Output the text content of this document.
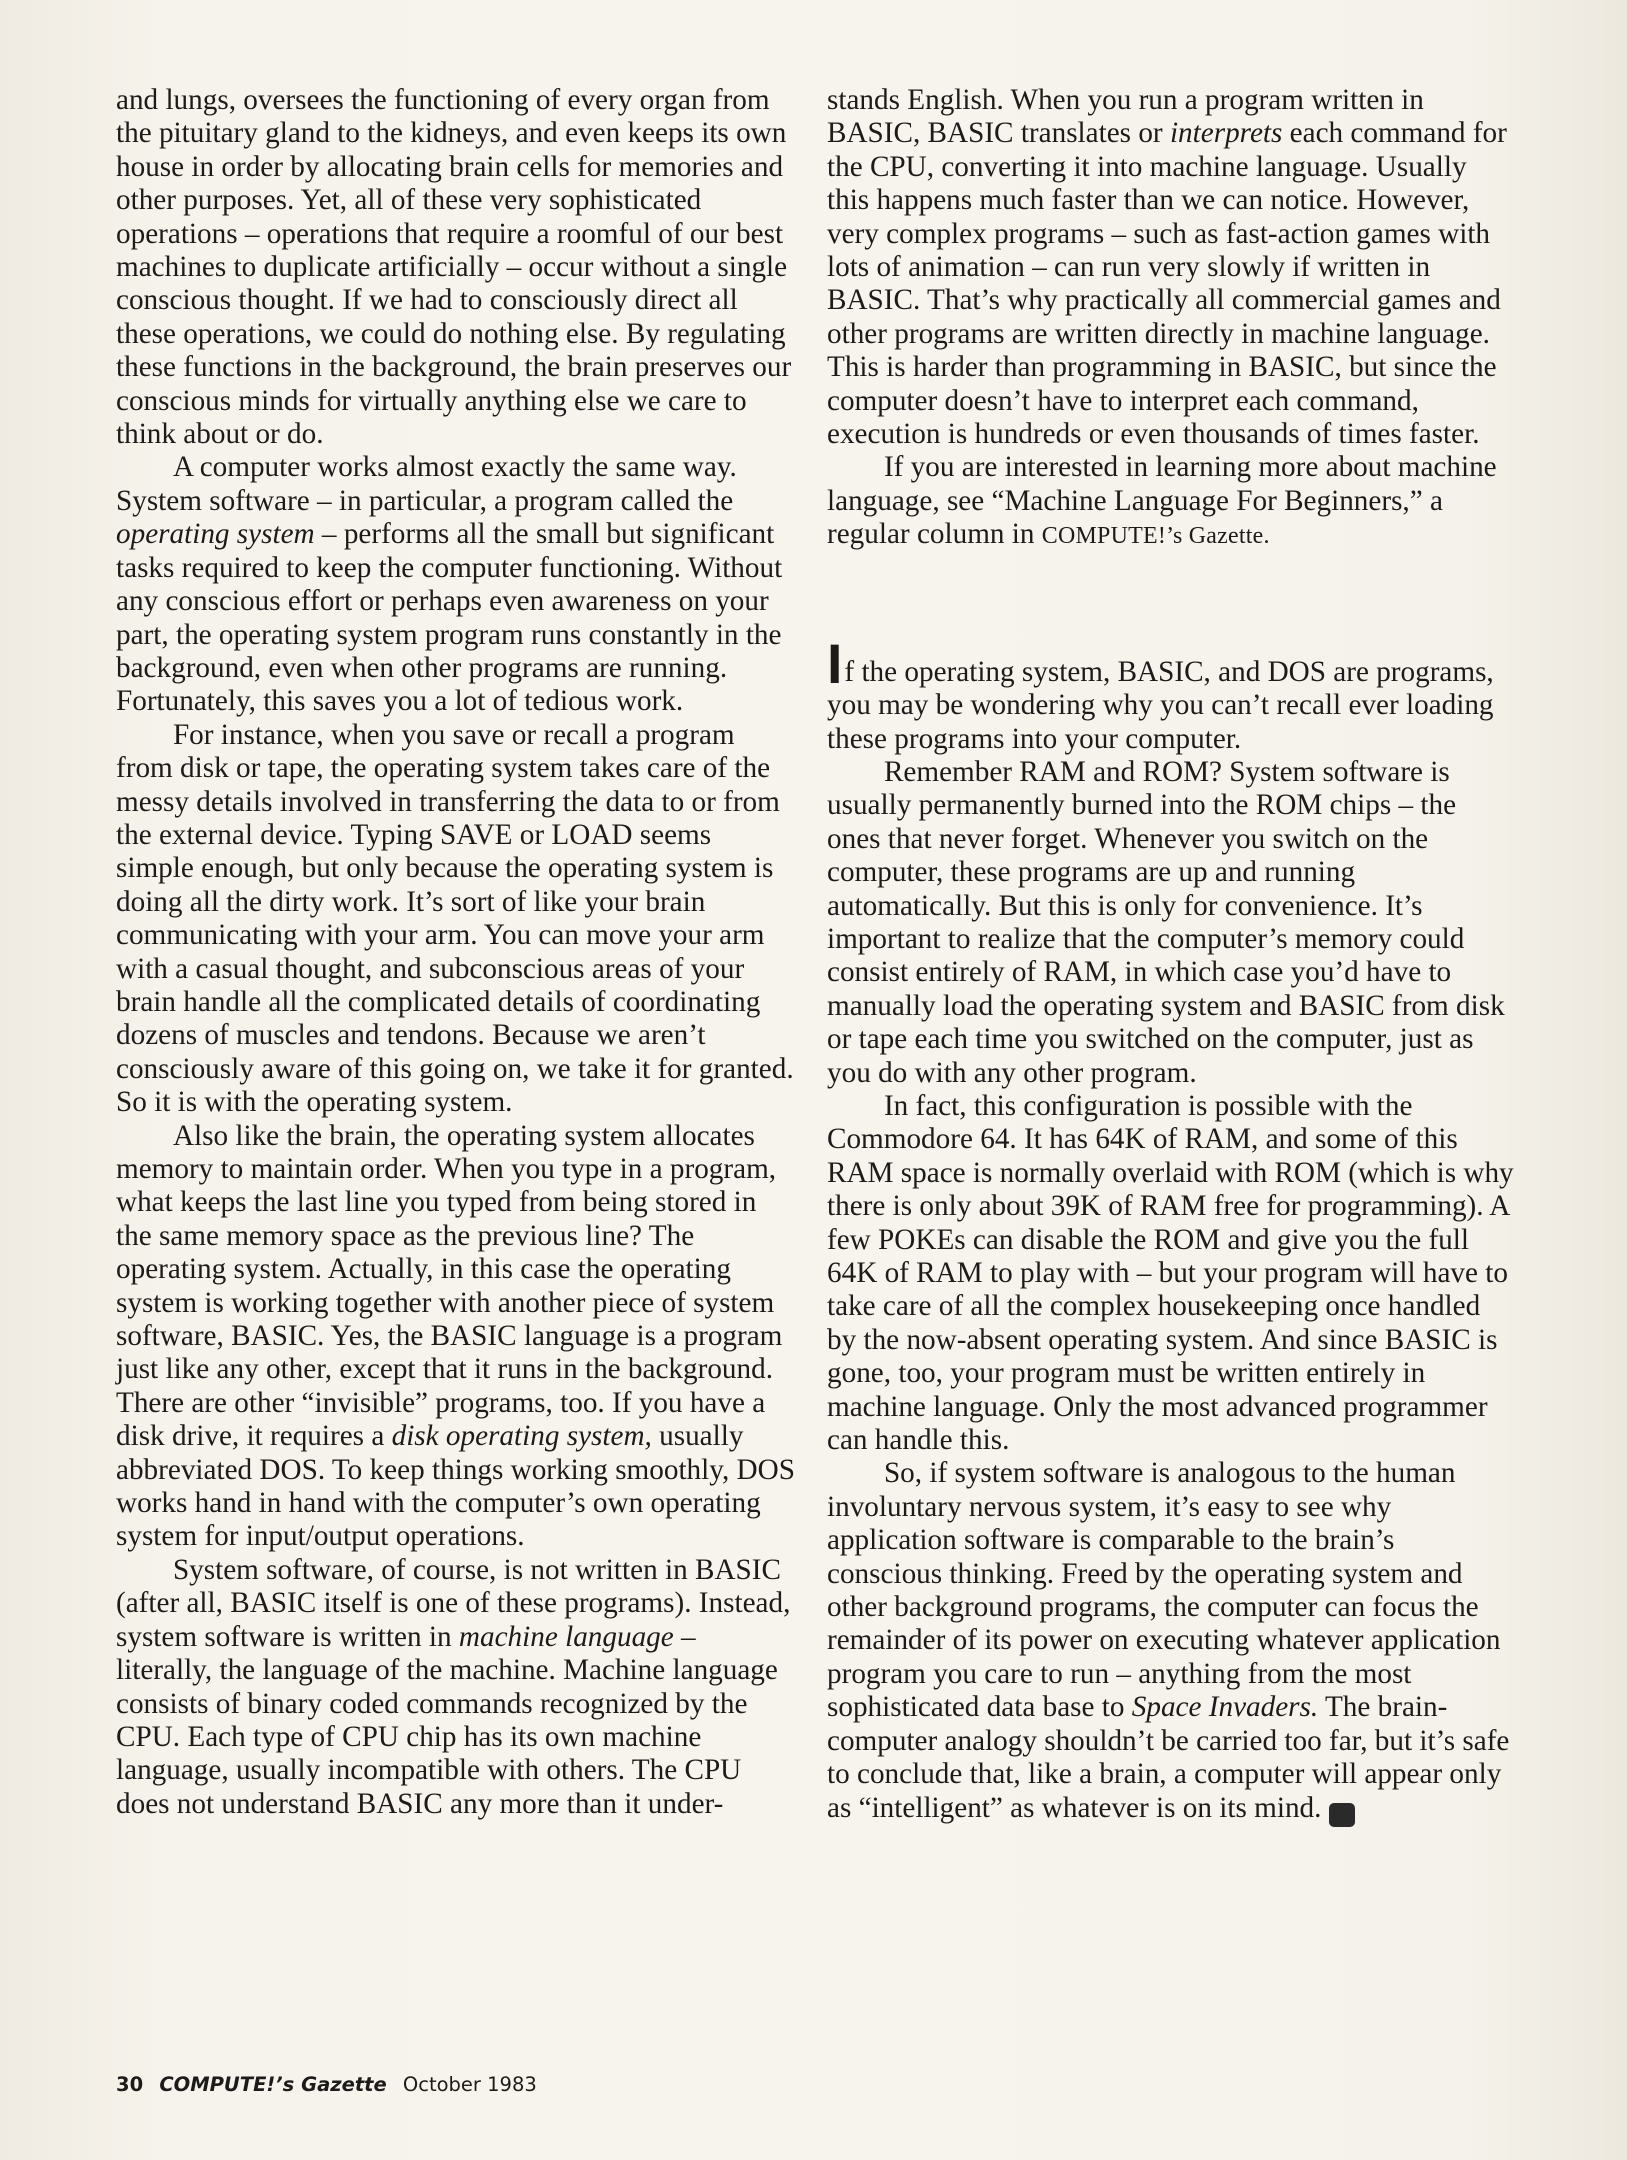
and lungs, oversees the functioning of every organ from the pituitary gland to the kidneys, and even keeps its own house in order by allocating brain cells for memories and other purposes. Yet, all of these very sophisticated operations – operations that require a roomful of our best machines to duplicate artificially – occur without a single conscious thought. If we had to consciously direct all these operations, we could do nothing else. By regulating these functions in the background, the brain preserves our conscious minds for virtually anything else we care to think about or do.

A computer works almost exactly the same way. System software – in particular, a program called the operating system – performs all the small but significant tasks required to keep the computer functioning. Without any conscious effort or perhaps even awareness on your part, the operating system program runs constantly in the background, even when other programs are running. Fortunately, this saves you a lot of tedious work.

For instance, when you save or recall a program from disk or tape, the operating system takes care of the messy details involved in transferring the data to or from the external device. Typing SAVE or LOAD seems simple enough, but only because the operating system is doing all the dirty work. It’s sort of like your brain communicating with your arm. You can move your arm with a casual thought, and subconscious areas of your brain handle all the complicated details of coordinating dozens of muscles and tendons. Because we aren’t consciously aware of this going on, we take it for granted. So it is with the operating system.

Also like the brain, the operating system allocates memory to maintain order. When you type in a program, what keeps the last line you typed from being stored in the same memory space as the previous line? The operating system. Actually, in this case the operating system is working together with another piece of system software, BASIC. Yes, the BASIC language is a program just like any other, except that it runs in the background. There are other “invisible” programs, too. If you have a disk drive, it requires a disk operating system, usually abbreviated DOS. To keep things working smoothly, DOS works hand in hand with the computer’s own operating system for input/output operations.

System software, of course, is not written in BASIC (after all, BASIC itself is one of these programs). Instead, system software is written in machine language – literally, the language of the machine. Machine language consists of binary coded commands recognized by the CPU. Each type of CPU chip has its own machine language, usually incompatible with others. The CPU does not understand BASIC any more than it under-

stands English. When you run a program written in BASIC, BASIC translates or interprets each command for the CPU, converting it into machine language. Usually this happens much faster than we can notice. However, very complex programs – such as fast-action games with lots of animation – can run very slowly if written in BASIC. That’s why practically all commercial games and other programs are written directly in machine language. This is harder than programming in BASIC, but since the computer doesn’t have to interpret each command, execution is hundreds or even thousands of times faster.

If you are interested in learning more about machine language, see “Machine Language For Beginners,” a regular column in COMPUTE!’s Gazette.

If the operating system, BASIC, and DOS are programs, you may be wondering why you can’t recall ever loading these programs into your computer.

Remember RAM and ROM? System software is usually permanently burned into the ROM chips – the ones that never forget. Whenever you switch on the computer, these programs are up and running automatically. But this is only for convenience. It’s important to realize that the computer’s memory could consist entirely of RAM, in which case you’d have to manually load the operating system and BASIC from disk or tape each time you switched on the computer, just as you do with any other program.

In fact, this configuration is possible with the Commodore 64. It has 64K of RAM, and some of this RAM space is normally overlaid with ROM (which is why there is only about 39K of RAM free for programming). A few POKEs can disable the ROM and give you the full 64K of RAM to play with – but your program will have to take care of all the complex housekeeping once handled by the now-absent operating system. And since BASIC is gone, too, your program must be written entirely in machine language. Only the most advanced programmer can handle this.

So, if system software is analogous to the human involuntary nervous system, it’s easy to see why application software is comparable to the brain’s conscious thinking. Freed by the operating system and other background programs, the computer can focus the remainder of its power on executing whatever application program you care to run – anything from the most sophisticated data base to Space Invaders. The brain-computer analogy shouldn’t be carried too far, but it’s safe to conclude that, like a brain, a computer will appear only as “intelligent” as whatever is on its mind.	G

30 COMPUTE!’s Gazette October 1983
